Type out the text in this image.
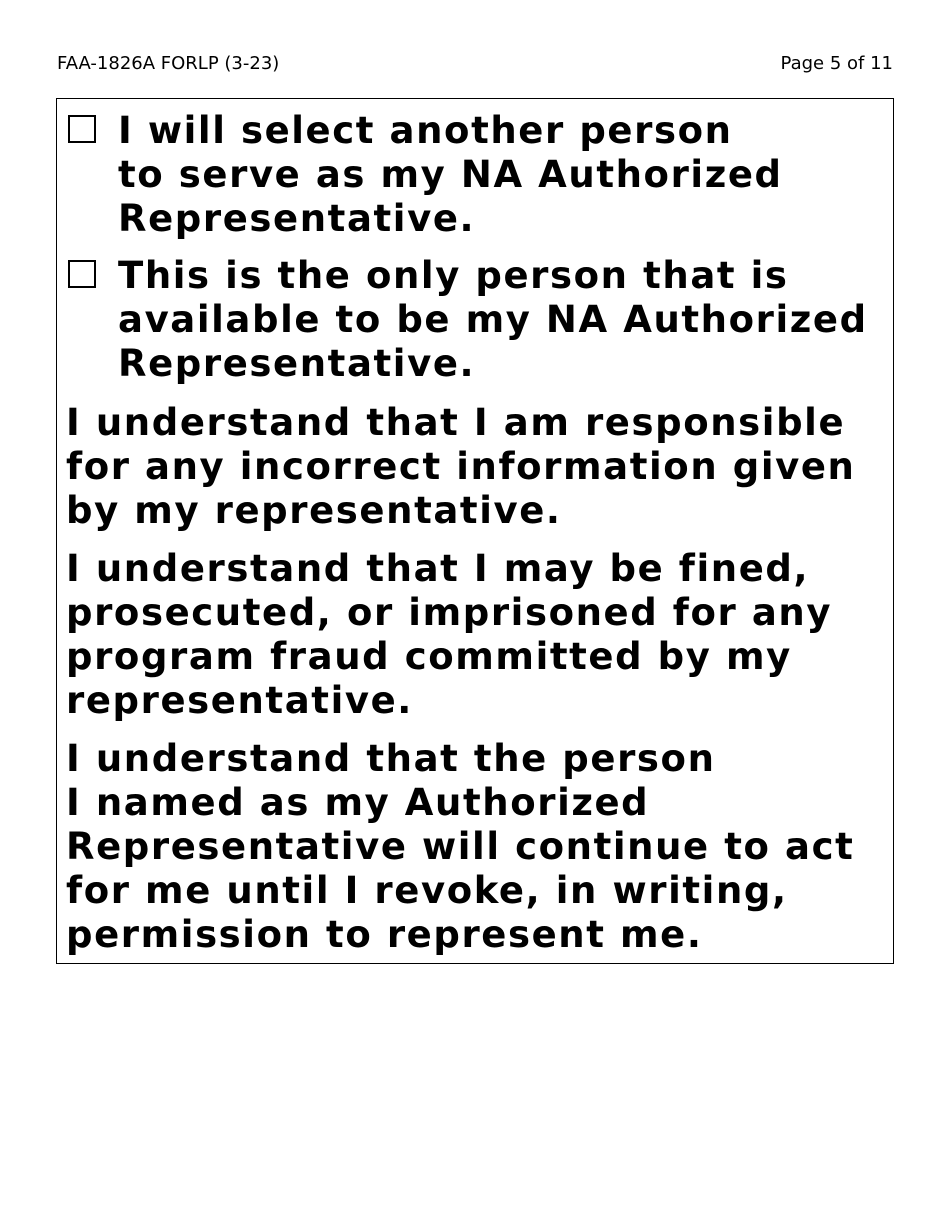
FAA-1826A FORLP (3-23)	Page 5 of 11
I will select another person
to serve as my NA Authorized
Representative.
This is the only person that is
available to be my NA Authorized
Representative.
I understand that I am responsible
for any incorrect information given
by my representative.
I understand that I may be fined,
prosecuted, or imprisoned for any
program fraud committed by my
representative.
I understand that the person
I named as my Authorized
Representative will continue to act
for me until I revoke, in writing,
permission to represent me.
